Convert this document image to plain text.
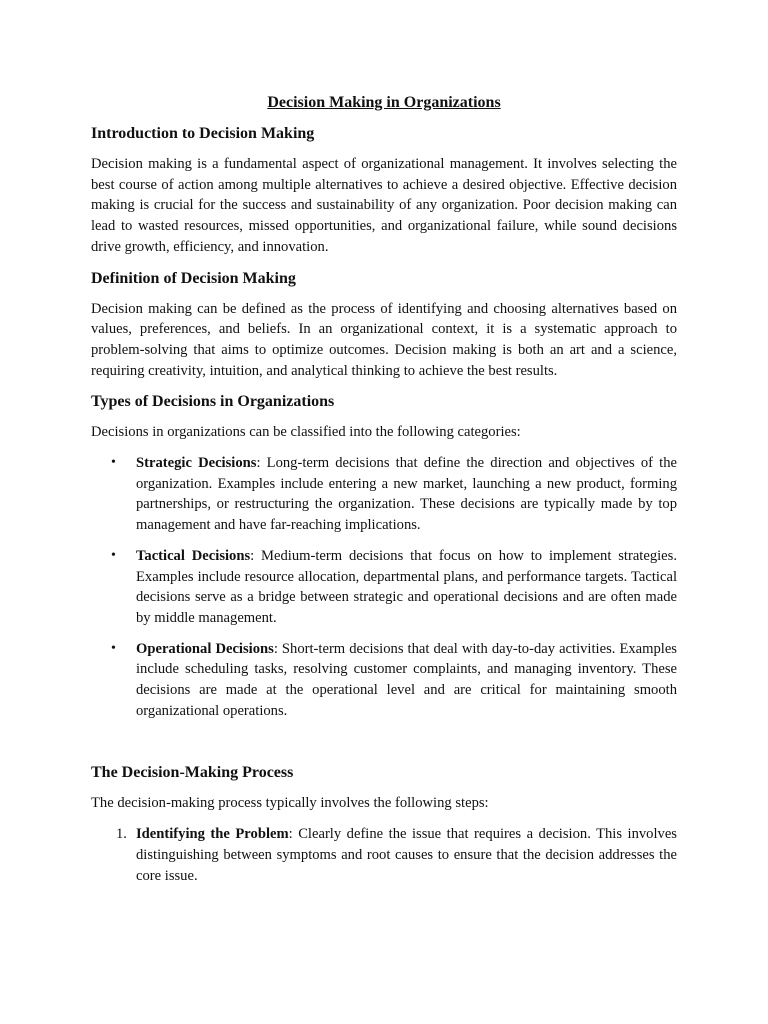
Decision Making in Organizations
Introduction to Decision Making

Decision making is a fundamental aspect of organizational management. It involves selecting the best course of action among multiple alternatives to achieve a desired objective. Effective decision making is crucial for the success and sustainability of any organization. Poor decision making can lead to wasted resources, missed opportunities, and organizational failure, while sound decisions drive growth, efficiency, and innovation.

Definition of Decision Making

Decision making can be defined as the process of identifying and choosing alternatives based on values, preferences, and beliefs. In an organizational context, it is a systematic approach to problem-solving that aims to optimize outcomes. Decision making is both an art and a science, requiring creativity, intuition, and analytical thinking to achieve the best results.

Types of Decisions in Organizations

Decisions in organizations can be classified into the following categories:

• Strategic Decisions: Long-term decisions that define the direction and objectives of the organization. Examples include entering a new market, launching a new product, forming partnerships, or restructuring the organization. These decisions are typically made by top management and have far-reaching implications.
• Tactical Decisions: Medium-term decisions that focus on how to implement strategies. Examples include resource allocation, departmental plans, and performance targets. Tactical decisions serve as a bridge between strategic and operational decisions and are often made by middle management.
• Operational Decisions: Short-term decisions that deal with day-to-day activities. Examples include scheduling tasks, resolving customer complaints, and managing inventory. These decisions are made at the operational level and are critical for maintaining smooth organizational operations.
The Decision-Making Process

The decision-making process typically involves the following steps:

1. Identifying the Problem: Clearly define the issue that requires a decision. This involves distinguishing between symptoms and root causes to ensure that the decision addresses the core issue.
